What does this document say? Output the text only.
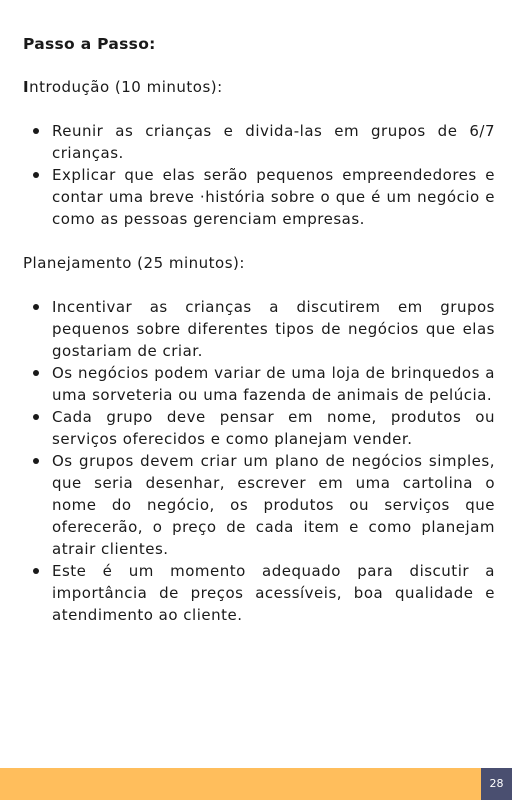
Passo a Passo:
Introdução (10 minutos):
Reunir as crianças e divida-las em grupos de 6/7 crianças.
Explicar que elas serão pequenos empreendedores e contar uma breve ·história sobre o que é um negócio e como as pessoas gerenciam empresas.
Planejamento (25 minutos):
Incentivar as crianças a discutirem em grupos pequenos sobre diferentes tipos de negócios que elas gostariam de criar.
Os negócios podem variar de uma loja de brinquedos a uma sorveteria ou uma fazenda de animais de pelúcia.
Cada grupo deve pensar em nome, produtos ou serviços oferecidos e como planejam vender.
Os grupos devem criar um plano de negócios simples, que seria desenhar, escrever em uma cartolina o nome do negócio, os produtos ou serviços que oferecerão, o preço de cada item e como planejam atrair clientes.
Este é um momento adequado para discutir a importância de preços acessíveis, boa qualidade e atendimento ao cliente.
28
